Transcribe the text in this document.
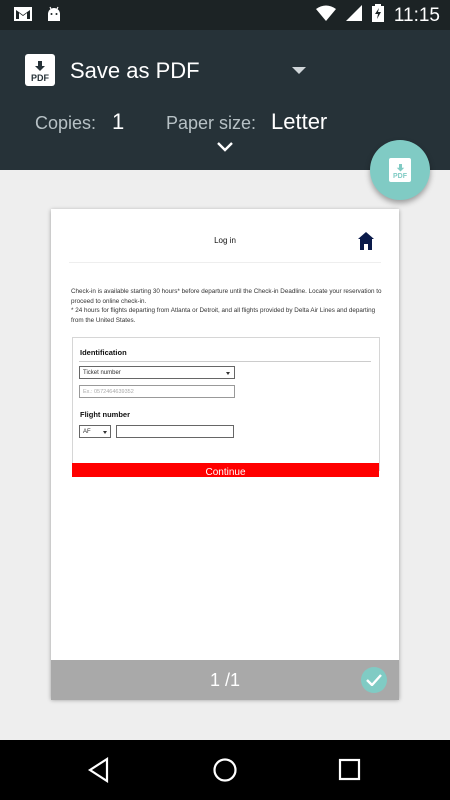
11:15
PDF Save as PDF
Copies: 1 Paper size: Letter
PDF
Log in
Check-in is available starting 30 hours* before departure until the Check-in Deadline. Locate your reservation to proceed to online check-in.
* 24 hours for flights departing from Atlanta or Detroit, and all flights provided by Delta Air Lines and departing from the United States.
Identification
Ticket number
Ex.: 0572464639352
Flight number
AF
Continue
1 /1
